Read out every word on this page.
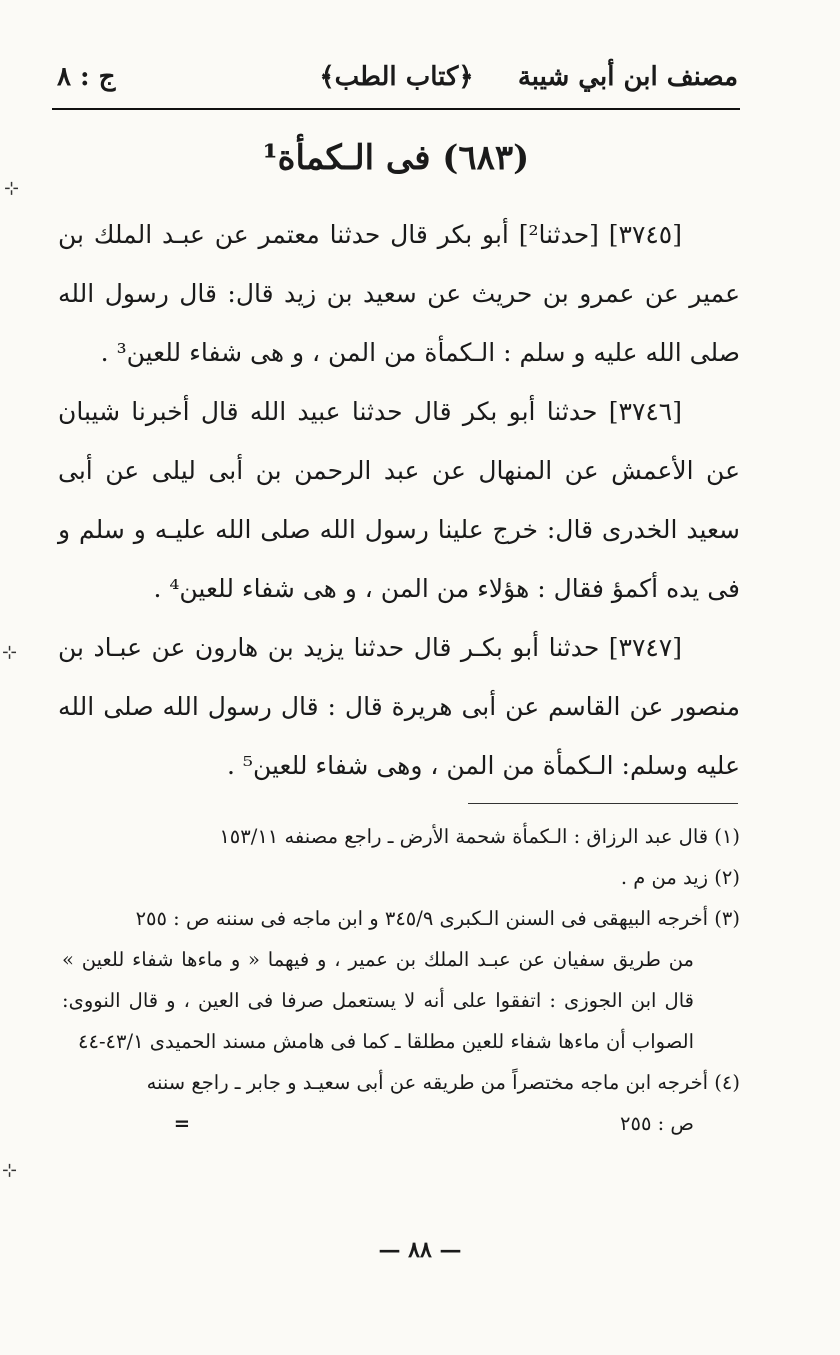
مصنف ابن أبي شيبة
﴿كتاب الطب﴾
ج : ٨
(٦٨٣) فى الـكمأة¹

[٣٧٤٥] [حدثنا²] أبو بكر قال حدثنا معتمر عن عبـد الملك بن عمير عن عمرو بن حريث عن سعيد بن زيد قال: قال رسول الله صلى الله عليه و سلم : الـكمأة من المن ، و هى شفاء للعين³ .

[٣٧٤٦] حدثنا أبو بكر قال حدثنا عبيد الله قال أخبرنا شيبان عن الأعمش عن المنهال عن عبد الرحمن بن أبى ليلى عن أبى سعيد الخدرى قال: خرج علينا رسول الله صلى الله عليـه و سلم و فى يده أكمؤ فقال : هؤلاء من المن ، و هى شفاء للعين⁴ .

[٣٧٤٧] حدثنا أبو بكـر قال حدثنا يزيد بن هارون عن عبـاد بن منصور عن القاسم عن أبى هريرة قال : قال رسول الله صلى الله عليه وسلم: الـكمأة من المن ، وهى شفاء للعين⁵ .

(١) قال عبد الرزاق : الـكمأة شحمة الأرض ـ راجع مصنفه ١٥٣/١١

(٢) زيد من م .

(٣) أخرجه البيهقى فى السنن الـكبرى ٣٤٥/٩ و ابن ماجه فى سننه ص : ٢٥٥

من طريق سفيان عن عبـد الملك بن عمير ، و فيهما « و ماءها شفاء للعين » قال ابن الجوزى : اتفقوا على أنه لا يستعمل صرفا فى العين ، و قال النووى: الصواب أن ماءها شفاء للعين مطلقا ـ كما فى هامش مسند الحميدى ٤٣/١-٤٤

(٤) أخرجه ابن ماجه مختصراً من طريقه عن أبى سعيـد و جابر ـ راجع سننه

ص : ٢٥٥=

— ٨٨ —
⊹
⊹
⊹
